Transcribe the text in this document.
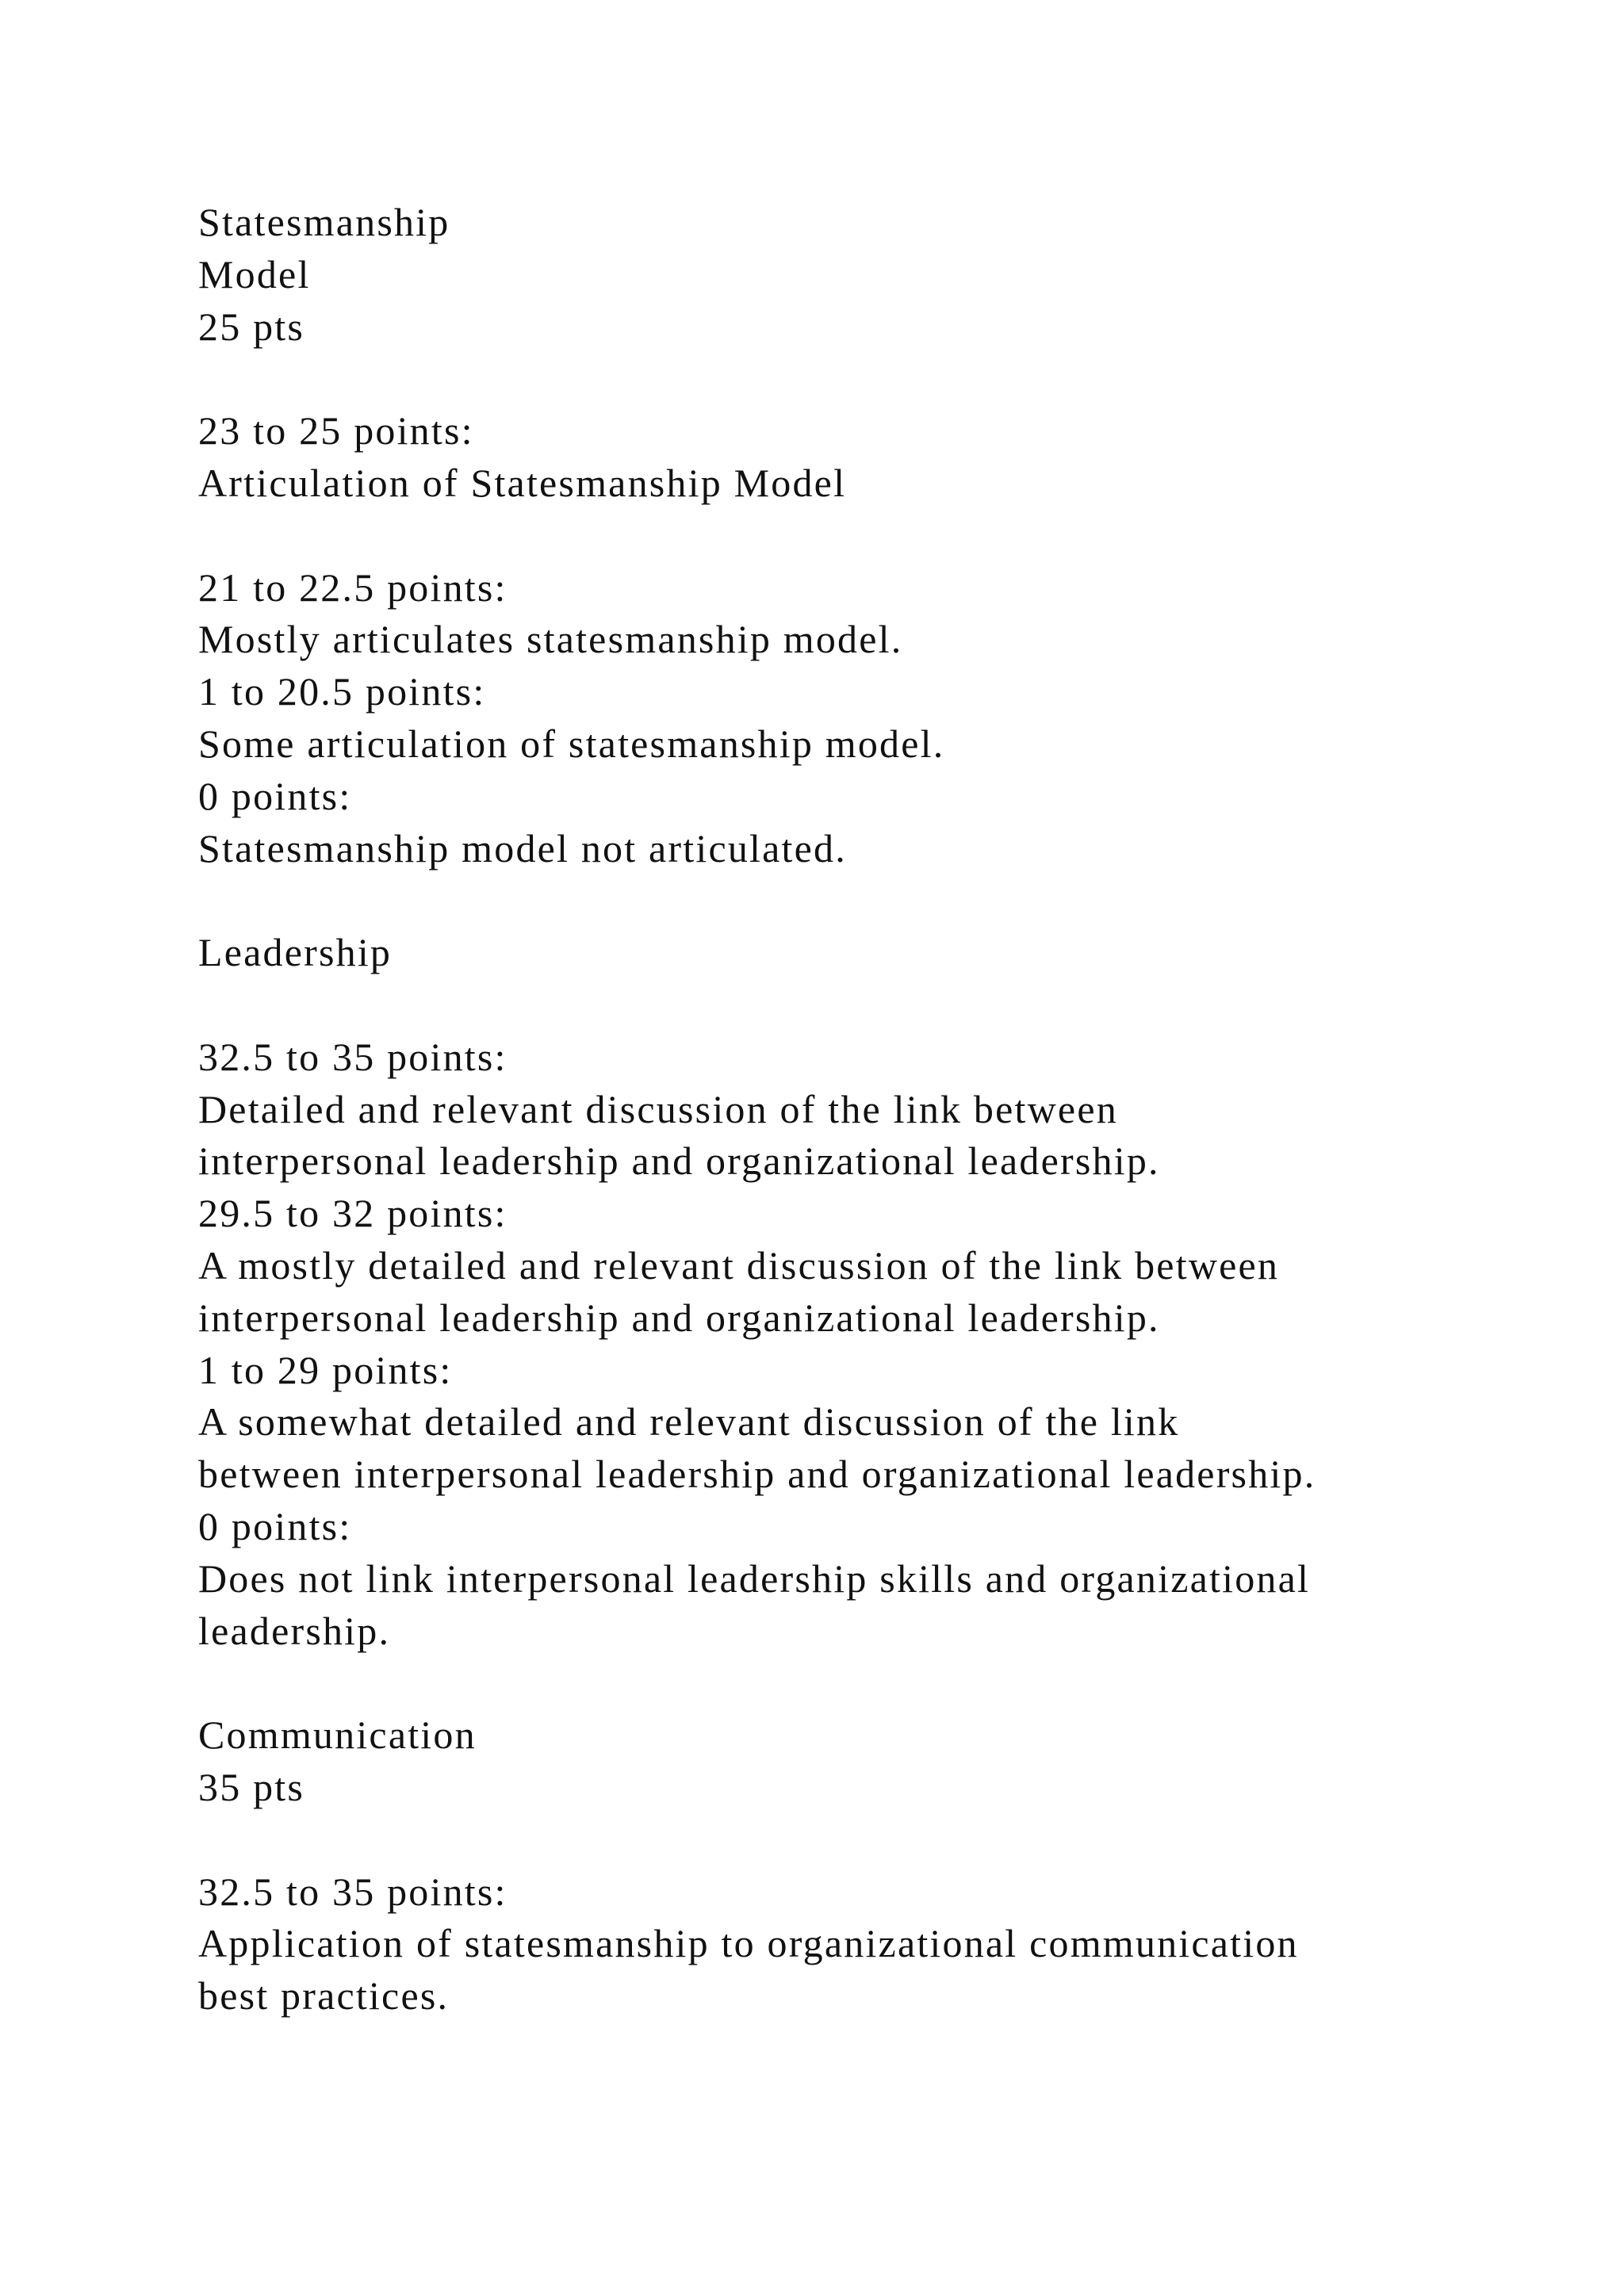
Statesmanship
Model
25 pts
23 to 25 points:
Articulation of Statesmanship Model
21 to 22.5 points:
Mostly articulates statesmanship model.
1 to 20.5 points:
Some articulation of statesmanship model.
0 points:
Statesmanship model not articulated.
Leadership
32.5 to 35 points:
Detailed and relevant discussion of the link between
interpersonal leadership and organizational leadership.
29.5 to 32 points:
A mostly detailed and relevant discussion of the link between
interpersonal leadership and organizational leadership.
1 to 29 points:
A somewhat detailed and relevant discussion of the link
between interpersonal leadership and organizational leadership.
0 points:
Does not link interpersonal leadership skills and organizational
leadership.
Communication
35 pts
32.5 to 35 points:
Application of statesmanship to organizational communication
best practices.
